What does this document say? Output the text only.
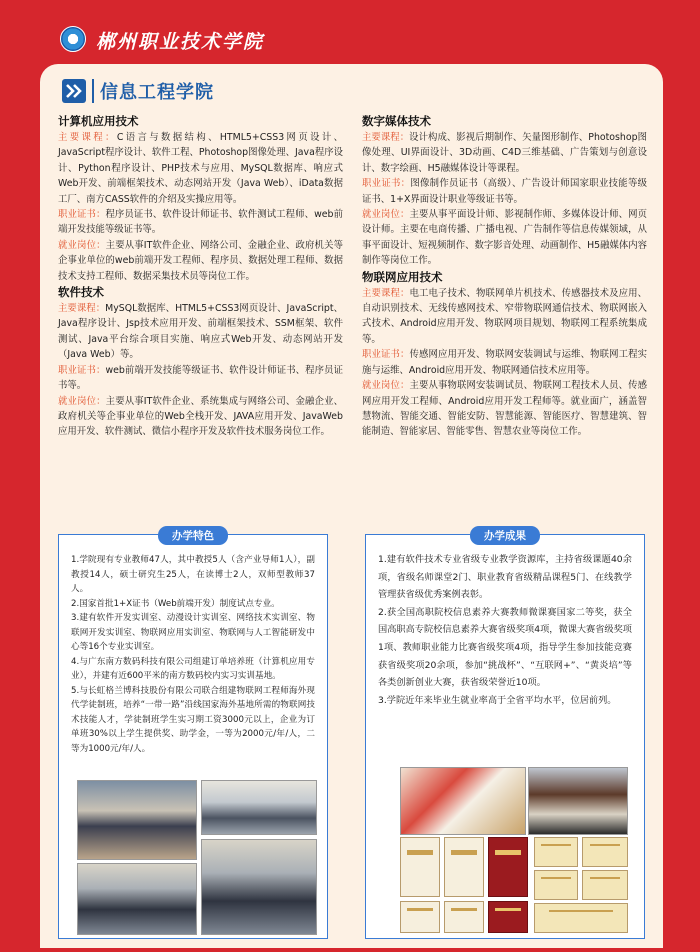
郴州职业技术学院
信息工程学院
计算机应用技术

主要课程：C语言与数据结构、HTML5+CSS3网页设计、JavaScript程序设计、软件工程、Photoshop图像处理、Java程序设计、Python程序设计、PHP技术与应用、MySQL数据库、响应式Web开发、前端框架技术、动态网站开发（Java Web）、iData数据工厂、南方CASS软件的介绍及实操应用等。

职业证书：程序员证书、软件设计师证书、软件测试工程师、web前端开发技能等级证书等。

就业岗位：主要从事IT软件企业、网络公司、金融企业、政府机关等企事业单位的web前端开发工程师、程序员、数据处理工程师、数据技术支持工程师、数据采集技术员等岗位工作。

软件技术

主要课程：MySQL数据库、HTML5+CSS3网页设计、JavaScript、Java程序设计、Jsp技术应用开发、前端框架技术、SSM框架、软件测试、Java平台综合项目实施、响应式Web开发、动态网站开发（Java Web）等。

职业证书：web前端开发技能等级证书、软件设计师证书、程序员证书等。

就业岗位：主要从事IT软件企业、系统集成与网络公司、金融企业、政府机关等企事业单位的Web全栈开发、JAVA应用开发、JavaWeb应用开发、软件测试、微信小程序开发及软件技术服务岗位工作。

数字媒体技术

主要课程：设计构成、影视后期制作、矢量图形制作、Photoshop图像处理、UI界面设计、3D动画、C4D三维基础、广告策划与创意设计、数字绘画、H5融媒体设计等课程。

职业证书：图像制作员证书（高级）、广告设计师国家职业技能等级证书、1+X界面设计职业等级证书等。

就业岗位：主要从事平面设计师、影视制作师、多媒体设计师、网页设计师。主要在电商传播、广播电视、广告制作等信息传媒领域，从事平面设计、短视频制作、数字影音处理、动画制作、H5融媒体内容制作等岗位工作。

物联网应用技术

主要课程：电工电子技术、物联网单片机技术、传感器技术及应用、自动识别技术、无线传感网技术、窄带物联网通信技术、物联网嵌入式技术、Android应用开发、物联网项目规划、物联网工程系统集成等。

职业证书：传感网应用开发、物联网安装调试与运维、物联网工程实施与运维、Android应用开发、物联网通信技术应用等。

就业岗位：主要从事物联网安装调试员、物联网工程技术人员、传感网应用开发工程师、Android应用开发工程师等。就业面广，涵盖智慧物流、智能交通、智能安防、智慧能源、智能医疗、智慧建筑、智能制造、智能家居、智能零售、智慧农业等岗位工作。

办学特色

1.学院现有专业教师47人，其中教授5人（含产业导师1人），副教授14人，硕士研究生25人，在读博士2人，双师型教师37人。

2.国家首批1+X证书（Web前端开发）制度试点专业。

3.建有软件开发实训室、动漫设计实训室、网络技术实训室、物联网开发实训室、物联网应用实训室、物联网与人工智能研发中心等16个专业实训室。

4.与广东南方数码科技有限公司组建订单培养班（计算机应用专业），并建有近600平米的南方数码校内实习实训基地。

5.与长虹格兰博科技股份有限公司联合组建物联网工程师海外现代学徒制班，培养“一带一路”沿线国家海外基地所需的物联网技术技能人才，学徒制班学生实习期工资3000元以上，企业为订单班30%以上学生提供奖、助学金，一等为2000元/年/人，二等为1000元/年/人。

办学成果

1.建有软件技术专业省级专业教学资源库，主持省级课题40余项，省级名师课堂2门、职业教育省级精品课程5门、在线教学管理获省级优秀案例表彰。

2.获全国高职院校信息素养大赛教师微课赛国家二等奖，获全国高职高专院校信息素养大赛省级奖项4项，微课大赛省级奖项1项、教师职业能力比赛省级奖项4项，指导学生参加技能竞赛获省级奖项20余项，参加“挑战杯”、“互联网+”、“黄炎培”等各类创新创业大赛，获省级荣誉近10项。

3.学院近年来毕业生就业率高于全省平均水平，位居前列。
